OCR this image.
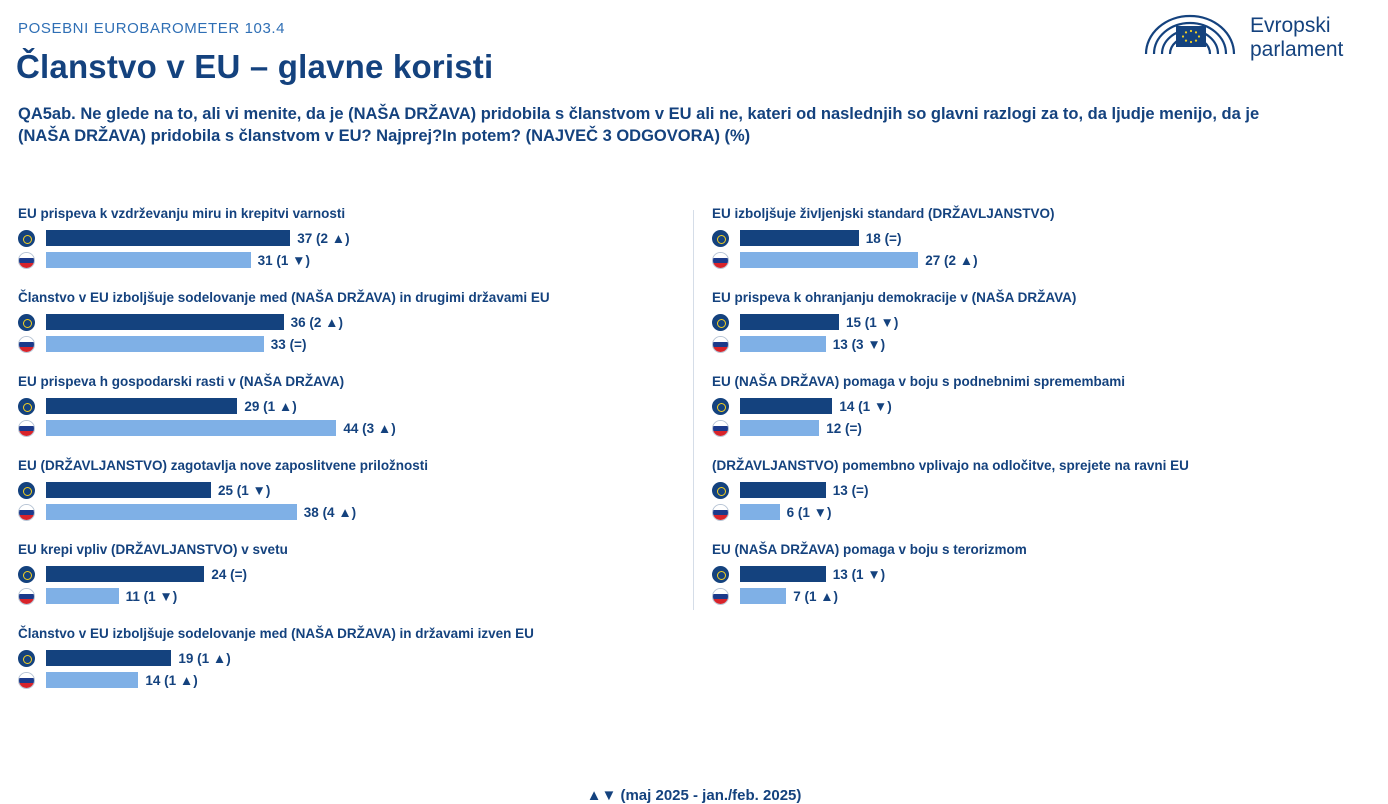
POSEBNI EUROBAROMETER 103.4
Članstvo v EU – glavne koristi
QA5ab. Ne glede na to, ali vi menite, da je (NAŠA DRŽAVA) pridobila s članstvom v EU ali ne, kateri od naslednjih so glavni razlogi za to, da ljudje menijo, da je (NAŠA DRŽAVA) pridobila s članstvom v EU? Najprej?In potem? (NAJVEČ 3 ODGOVORA) (%)
Evropski
parlament
EU prispeva k vzdrževanju miru in krepitvi varnosti
37 (2 ▲)
31 (1 ▼)
Članstvo v EU izboljšuje sodelovanje med (NAŠA DRŽAVA) in drugimi državami EU
36 (2 ▲)
33 (=)
EU prispeva h gospodarski rasti v (NAŠA DRŽAVA)
29 (1 ▲)
44 (3 ▲)
EU (DRŽAVLJANSTVO) zagotavlja nove zaposlitvene priložnosti
25 (1 ▼)
38 (4 ▲)
EU krepi vpliv (DRŽAVLJANSTVO) v svetu
24 (=)
11 (1 ▼)
Članstvo v EU izboljšuje sodelovanje med (NAŠA DRŽAVA) in državami izven EU
19 (1 ▲)
14 (1 ▲)
EU izboljšuje življenjski standard (DRŽAVLJANSTVO)
18 (=)
27 (2 ▲)
EU prispeva k ohranjanju demokracije v (NAŠA DRŽAVA)
15 (1 ▼)
13 (3 ▼)
EU (NAŠA DRŽAVA) pomaga v boju s podnebnimi spremembami
14 (1 ▼)
12 (=)
(DRŽAVLJANSTVO) pomembno vplivajo na odločitve, sprejete na ravni EU
13 (=)
6 (1 ▼)
EU (NAŠA DRŽAVA) pomaga v boju s terorizmom
13 (1 ▼)
7 (1 ▲)
▲▼ (maj 2025 - jan./feb. 2025)
